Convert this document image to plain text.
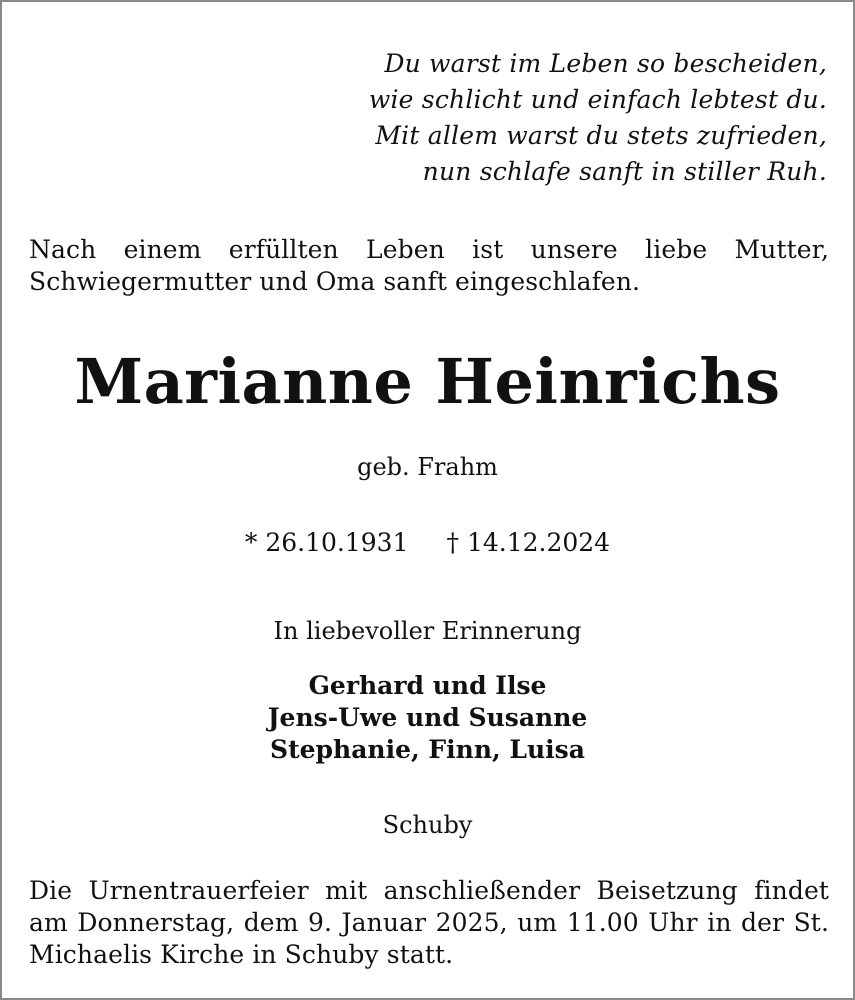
Du warst im Leben so bescheiden,
wie schlicht und einfach lebtest du.
Mit allem warst du stets zufrieden,
nun schlafe sanft in stiller Ruh.
Nach einem erfüllten Leben ist unsere liebe Mutter, Schwiegermutter und Oma sanft eingeschlafen.
Marianne Heinrichs
geb. Frahm
* 26.10.1931 † 14.12.2024
In liebevoller Erinnerung
Gerhard und Ilse
Jens-Uwe und Susanne
Stephanie, Finn, Luisa
Schuby
Die Urnentrauerfeier mit anschließender Beisetzung findet am Donnerstag, dem 9. Januar 2025, um 11.00 Uhr in der St. Michaelis Kirche in Schuby statt.
